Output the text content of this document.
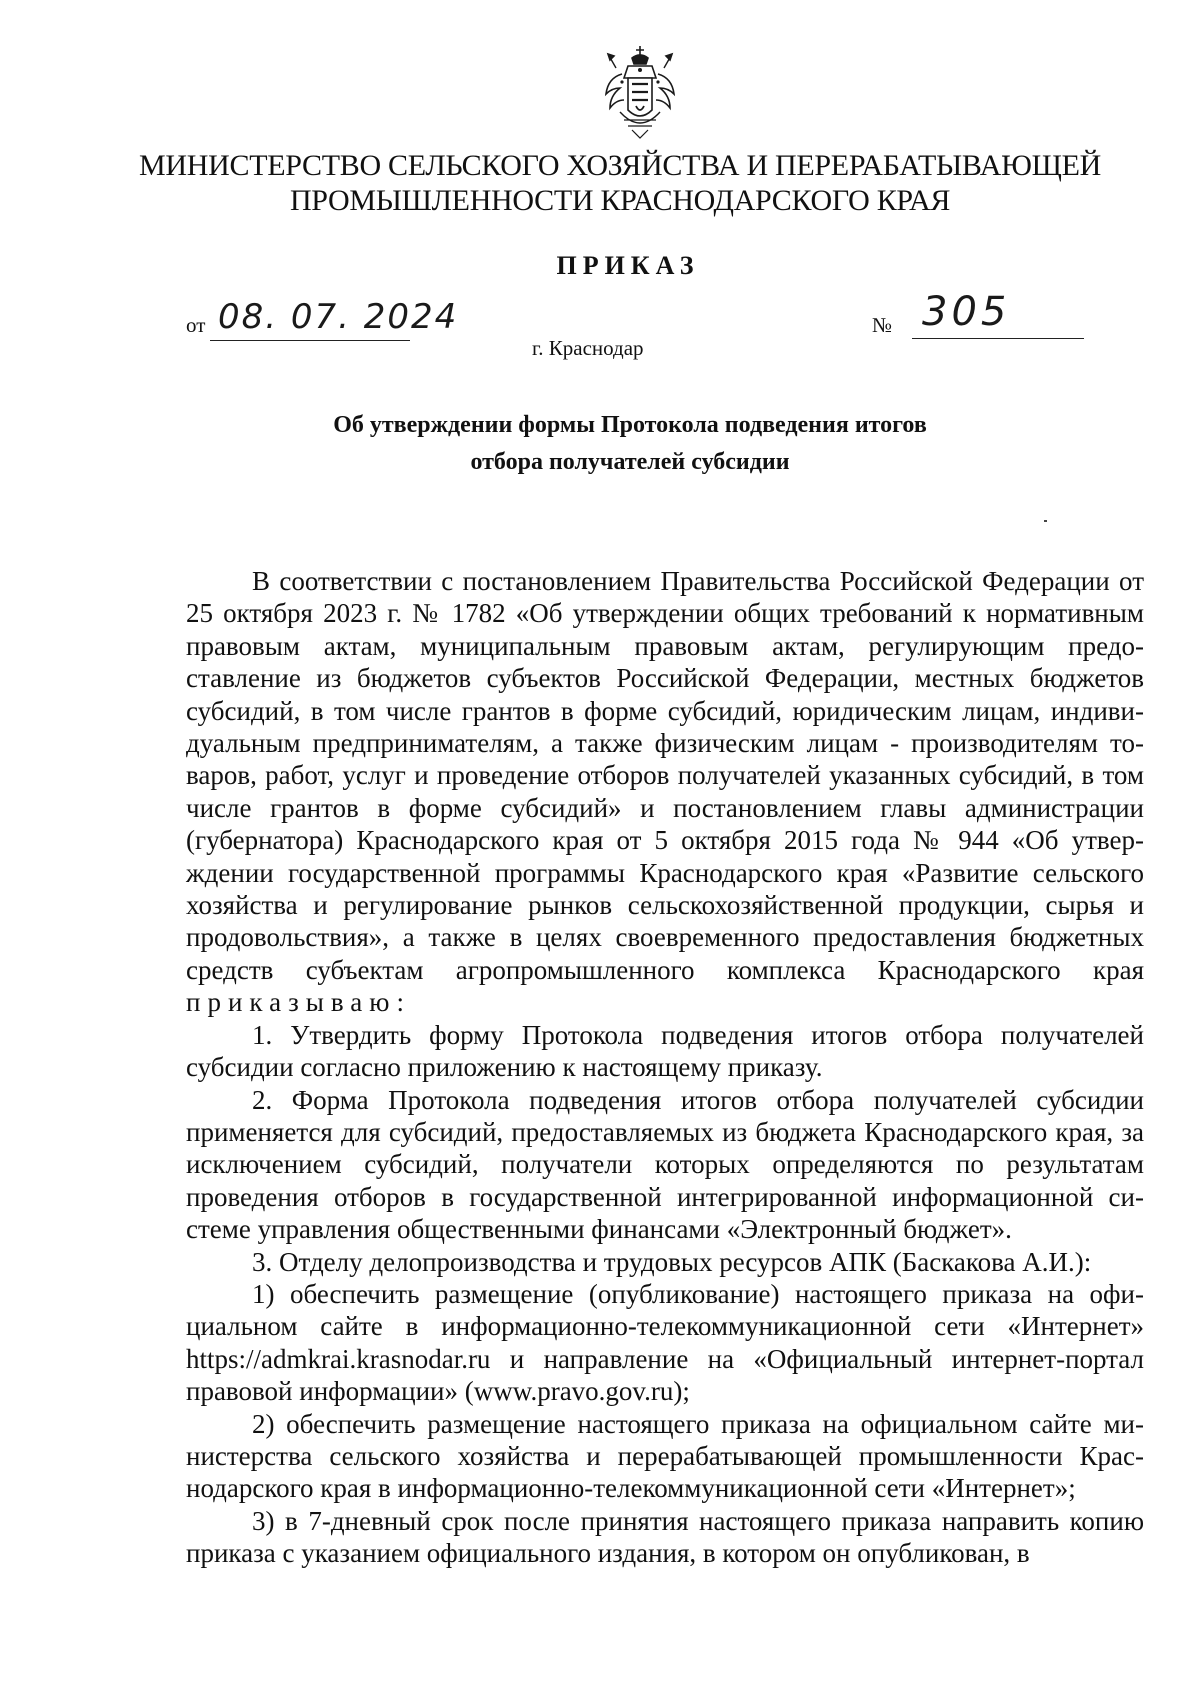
МИНИСТЕРСТВО СЕЛЬСКОГО ХОЗЯЙСТВА И ПЕРЕРАБАТЫВАЮЩЕЙ
ПРОМЫШЛЕННОСТИ КРАСНОДАРСКОГО КРАЯ
ПРИКАЗ
от 08. 07. 2024	№ 305
г. Краснодар
Об утверждении формы Протокола подведения итогов
отбора получателей субсидии

В соответствии с постановлением Правительства Российской Федерации от 25 октября 2023 г. № 1782 «Об утверждении общих требований к нормативным правовым актам, муниципальным правовым актам, регулирующим предоставление из бюджетов субъектов Российской Федерации, местных бюджетов субсидий, в том числе грантов в форме субсидий, юридическим лицам, индивидуальным предпринимателям, а также физическим лицам - производителям товаров, работ, услуг и проведение отборов получателей указанных субсидий, в том числе грантов в форме субсидий» и постановлением главы администрации (губернатора) Краснодарского края от 5 октября 2015 года № 944 «Об утверждении государственной программы Краснодарского края «Развитие сельского хозяйства и регулирование рынков сельскохозяйственной продукции, сырья и продовольствия», а также в целях своевременного предоставления бюджетных средств субъектам агропромышленного комплекса Краснодарского края приказываю:

1. Утвердить форму Протокола подведения итогов отбора получателей субсидии согласно приложению к настоящему приказу.

2. Форма Протокола подведения итогов отбора получателей субсидии применяется для субсидий, предоставляемых из бюджета Краснодарского края, за исключением субсидий, получатели которых определяются по результатам проведения отборов в государственной интегрированной информационной системе управления общественными финансами «Электронный бюджет».

3. Отделу делопроизводства и трудовых ресурсов АПК (Баскакова А.И.):

1) обеспечить размещение (опубликование) настоящего приказа на официальном сайте в информационно-телекоммуникационной сети «Интернет» https://admkrai.krasnodar.ru и направление на «Официальный интернет-портал правовой информации» (www.pravo.gov.ru);

2) обеспечить размещение настоящего приказа на официальном сайте министерства сельского хозяйства и перерабатывающей промышленности Краснодарского края в информационно-телекоммуникационной сети «Интернет»;

3) в 7-дневный срок после принятия настоящего приказа направить копию приказа с указанием официального издания, в котором он опубликован, в
